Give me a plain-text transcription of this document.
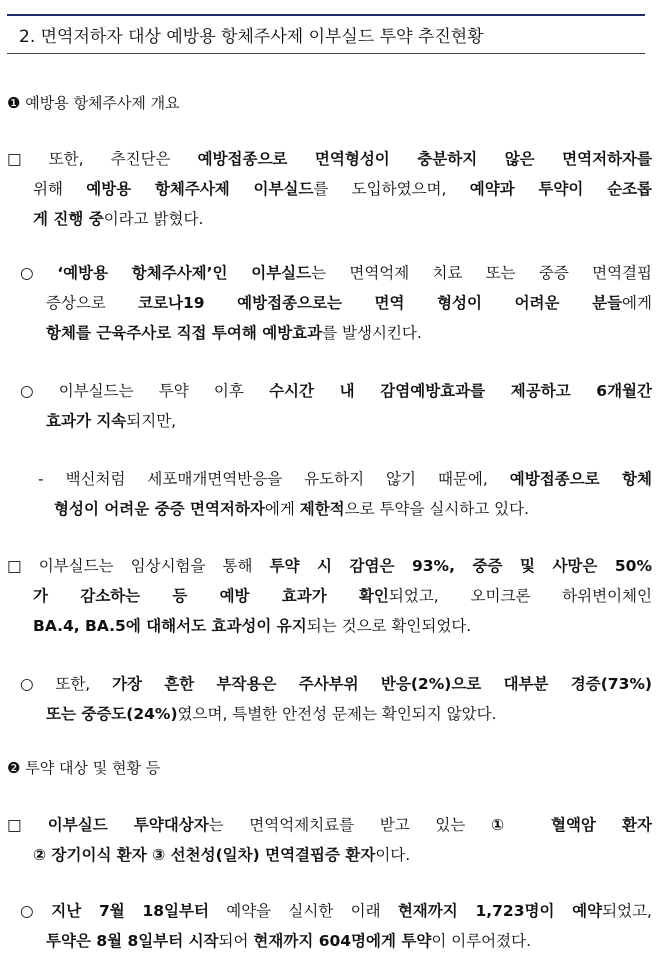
2. 면역저하자 대상 예방용 항체주사제 이부실드 투약 추진현황
❶ 예방용 항체주사제 개요
□ 또한, 추진단은 예방접종으로 면역형성이 충분하지 않은 면역저하자를
위해 예방용 항체주사제 이부실드를 도입하였으며, 예약과 투약이 순조롭
게 진행 중이라고 밝혔다.
○ ‘예방용 항체주사제’인 이부실드는 면역억제 치료 또는 중증 면역결핍
증상으로 코로나19 예방접종으로는 면역 형성이 어려운 분들에게
항체를 근육주사로 직접 투여해 예방효과를 발생시킨다.
○ 이부실드는 투약 이후 수시간 내 감염예방효과를 제공하고 6개월간
효과가 지속되지만,
- 백신처럼 세포매개면역반응을 유도하지 않기 때문에, 예방접종으로 항체
형성이 어려운 중증 면역저하자에게 제한적으로 투약을 실시하고 있다.
□ 이부실드는 임상시험을 통해 투약 시 감염은 93%, 중증 및 사망은 50%
가 감소하는 등 예방 효과가 확인되었고, 오미크론 하위변이체인
BA.4, BA.5에 대해서도 효과성이 유지되는 것으로 확인되었다.
○ 또한, 가장 흔한 부작용은 주사부위 반응(2%)으로 대부분 경증(73%)
또는 중증도(24%)였으며, 특별한 안전성 문제는 확인되지 않았다.
❷ 투약 대상 및 현황 등
□ 이부실드 투약대상자는 면역억제치료를 받고 있는 ① 혈액암 환자
② 장기이식 환자 ③ 선천성(일차) 면역결핍증 환자이다.
○ 지난 7월 18일부터 예약을 실시한 이래 현재까지 1,723명이 예약되었고,
투약은 8월 8일부터 시작되어 현재까지 604명에게 투약이 이루어졌다.
